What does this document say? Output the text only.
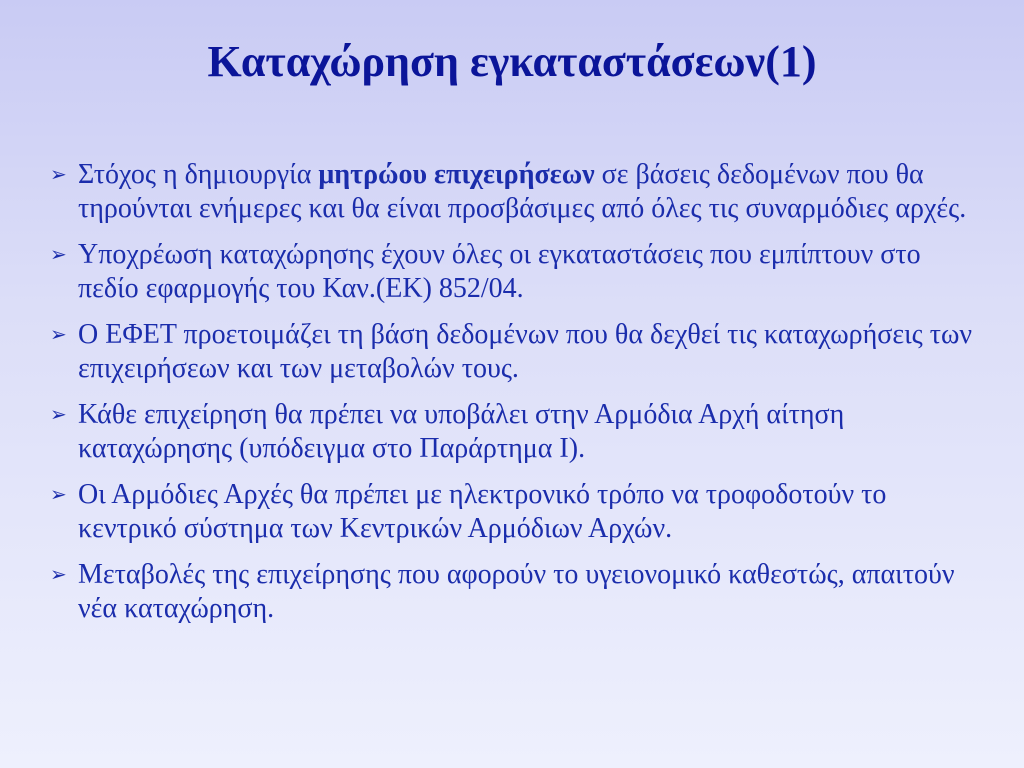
Καταχώρηση εγκαταστάσεων(1)
➢ Στόχος η δημιουργία μητρώου επιχειρήσεων σε βάσεις δεδομένων που θα τηρούνται ενήμερες και θα είναι προσβάσιμες από όλες τις συναρμόδιες αρχές.
➢ Υποχρέωση καταχώρησης έχουν όλες οι εγκαταστάσεις που εμπίπτουν στο πεδίο εφαρμογής του Καν.(ΕΚ) 852/04.
➢ Ο ΕΦΕΤ προετοιμάζει τη βάση δεδομένων που θα δεχθεί τις καταχωρήσεις των επιχειρήσεων και των μεταβολών τους.
➢ Κάθε επιχείρηση θα πρέπει να υποβάλει στην Αρμόδια Αρχή αίτηση καταχώρησης (υπόδειγμα στο Παράρτημα Ι).
➢ Οι Αρμόδιες Αρχές θα πρέπει με ηλεκτρονικό τρόπο να τροφοδοτούν το κεντρικό σύστημα των Κεντρικών Αρμόδιων Αρχών.
➢ Μεταβολές της επιχείρησης που αφορούν το υγειονομικό καθεστώς, απαιτούν νέα καταχώρηση.
